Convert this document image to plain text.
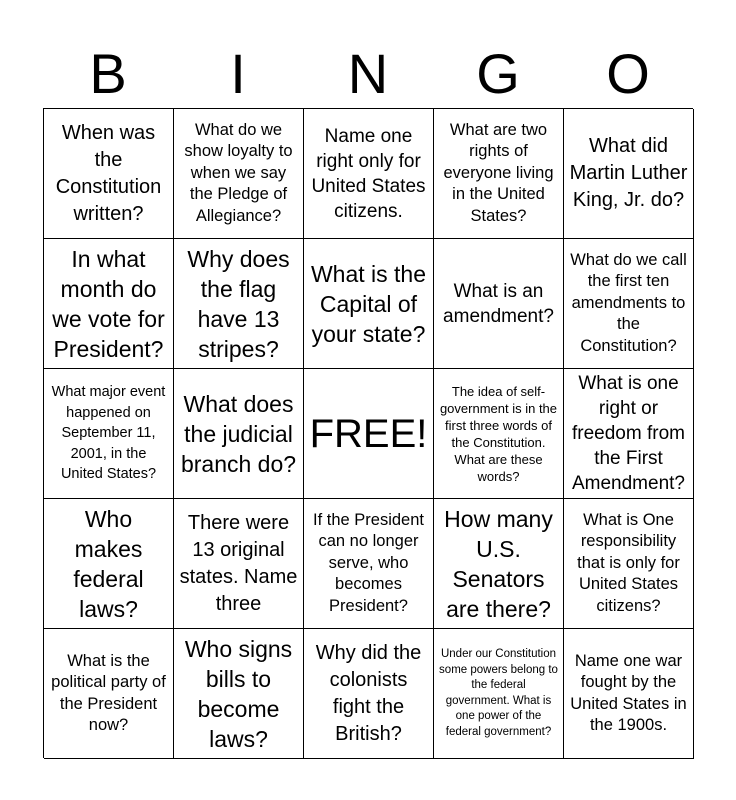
B	I	N	G	O
When was the Constitution written?
What do we show loyalty to when we say the Pledge of Allegiance?
Name one right only for United States citizens.
What are two rights of everyone living in the United States?
What did Martin Luther King, Jr. do?
In what month do we vote for President?
Why does the flag have 13 stripes?
What is the Capital of your state?
What is an amendment?
What do we call the first ten amendments to the Constitution?
What major event happened on September 11, 2001, in the United States?
What does the judicial branch do?
FREE!
The idea of self-government is in the first three words of the Constitution. What are these words?
What is one right or freedom from the First Amendment?
Who makes federal laws?
There were 13 original states. Name three
If the President can no longer serve, who becomes President?
How many U.S. Senators are there?
What is One responsibility that is only for United States citizens?
What is the political party of the President now?
Who signs bills to become laws?
Why did the colonists fight the British?
Under our Constitution some powers belong to the federal government. What is one power of the federal government?
Name one war fought by the United States in the 1900s.
